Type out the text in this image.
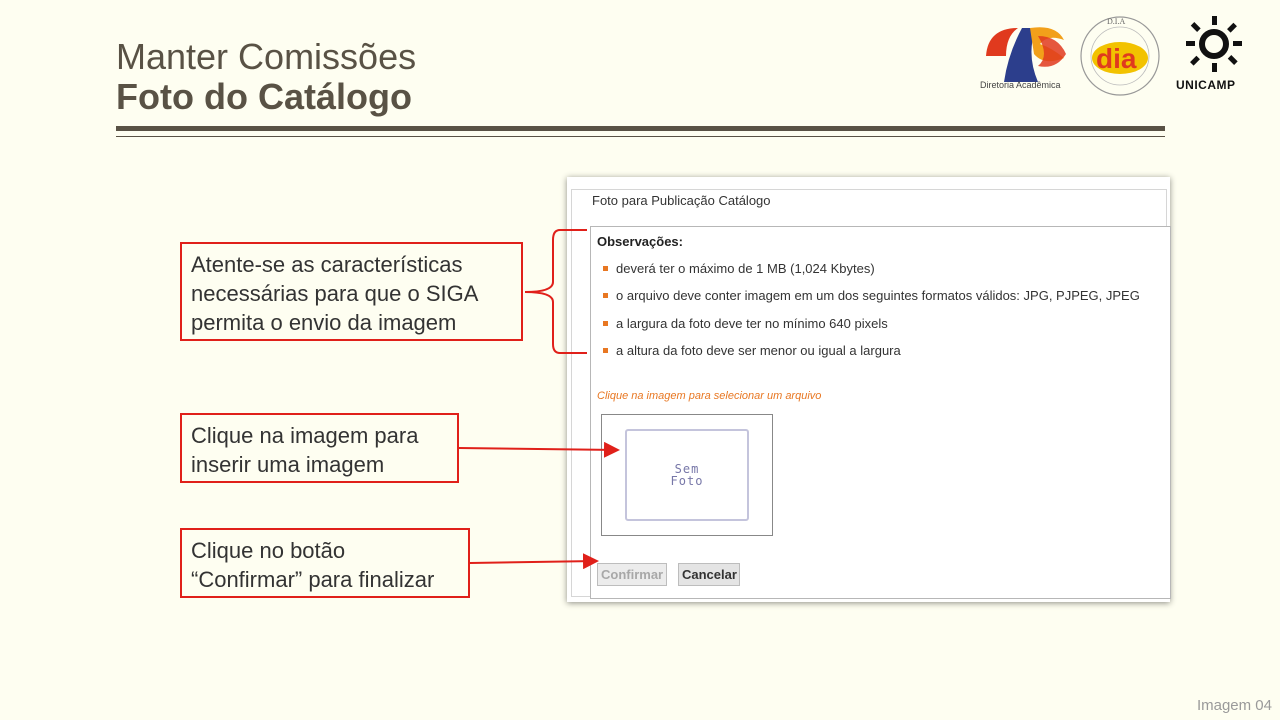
Manter Comissões
Foto do Catálogo	Diretoria Acadêmica
D.I.A
dia
UNICAMP
Foto para Publicação Catálogo
Observações:
deverá ter o máximo de 1 MB (1,024 Kbytes)
o arquivo deve conter imagem em um dos seguintes formatos válidos: JPG, PJPEG, JPEG
a largura da foto deve ter no mínimo 640 pixels
a altura da foto deve ser menor ou igual a largura
Clique na imagem para selecionar um arquivo
Sem
Foto
Confirmar	Cancelar
Atente-se as características
necessárias para que o SIGA
permita o envio da imagem
Clique na imagem para
inserir uma imagem
Clique no botão
“Confirmar” para finalizar
Imagem 04
